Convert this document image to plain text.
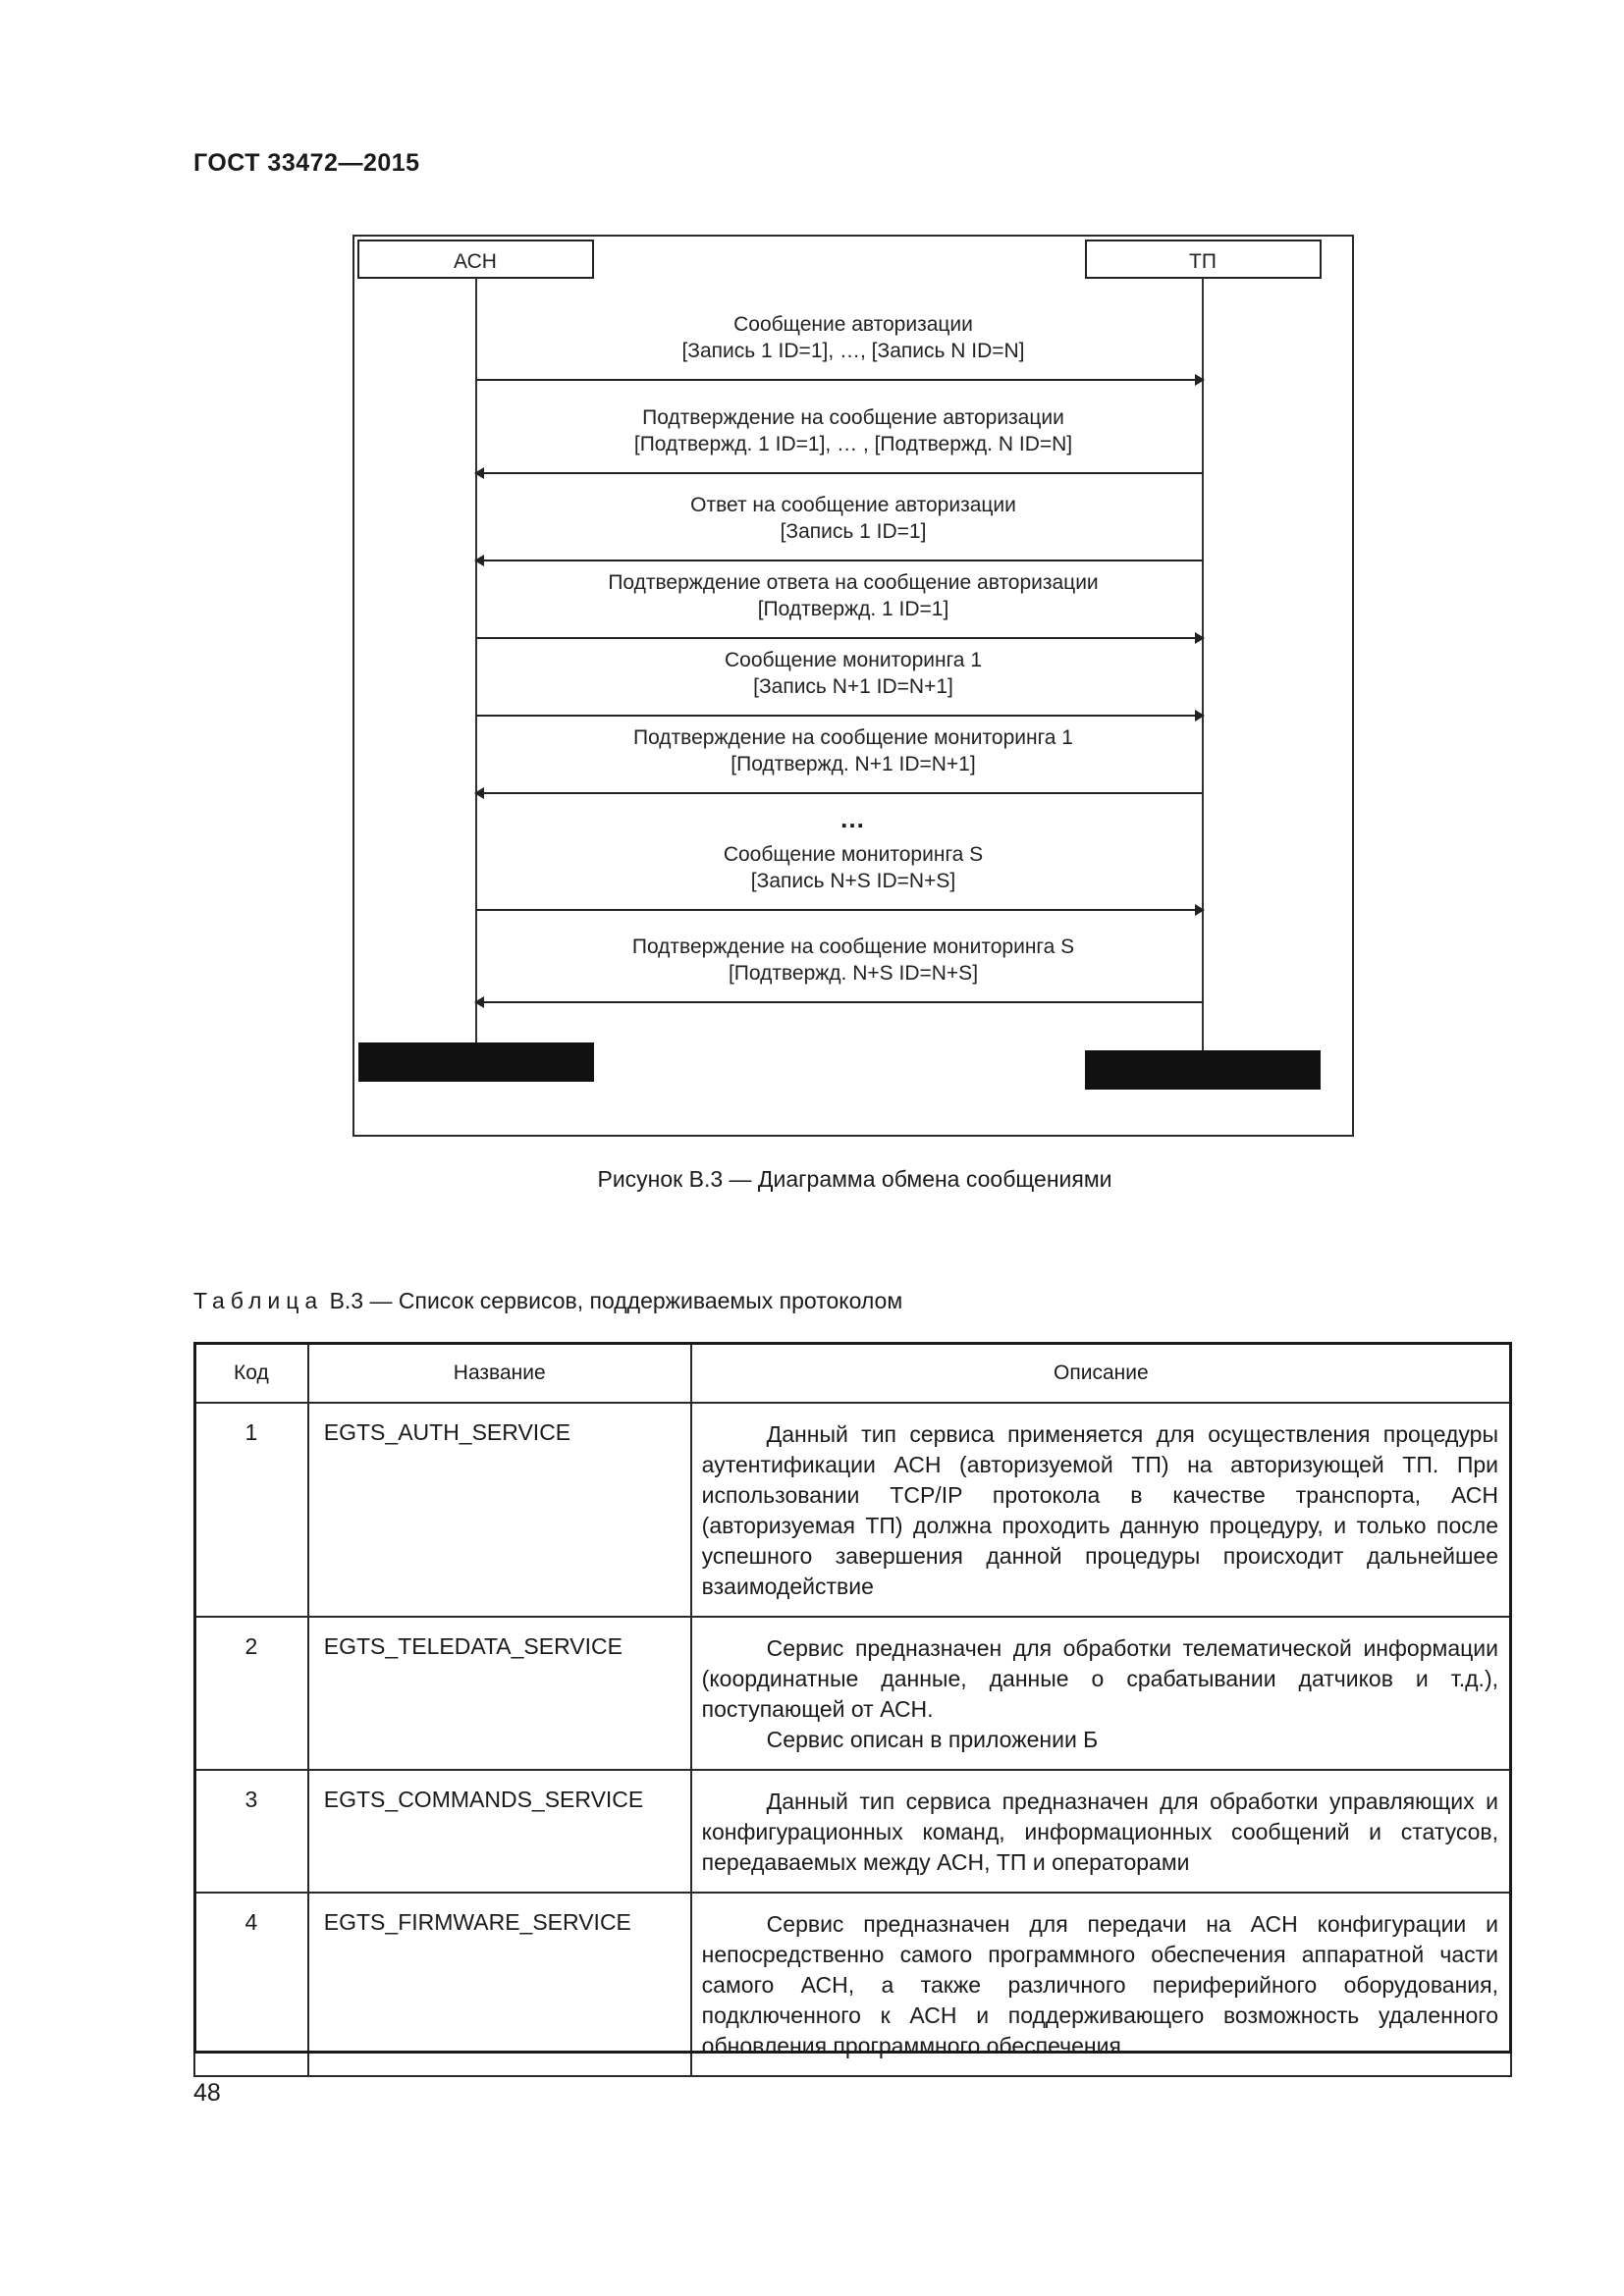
ГОСТ 33472—2015
АСН	ТП
Сообщение авторизации
[Запись 1 ID=1], …, [Запись N ID=N]
Подтверждение на сообщение авторизации
[Подтвержд. 1 ID=1], … , [Подтвержд. N ID=N]
Ответ на сообщение авторизации
[Запись 1 ID=1]
Подтверждение ответа на сообщение авторизации
[Подтвержд. 1 ID=1]
Сообщение мониторинга 1
[Запись N+1 ID=N+1]
Подтверждение на сообщение мониторинга 1
[Подтвержд. N+1 ID=N+1]
…
Сообщение мониторинга S
[Запись N+S ID=N+S]
Подтверждение на сообщение мониторинга S
[Подтвержд. N+S ID=N+S]
Рисунок В.3 — Диаграмма обмена сообщениями
Таблица В.3 — Список сервисов, поддерживаемых протоколом
Код	Название	Описание
1	EGTS_AUTH_SERVICE	Данный тип сервиса применяется для осуществления процедуры аутентификации АСН (авторизуемой ТП) на авторизующей ТП. При использовании TCP/IP протокола в качестве транспорта, АСН (авторизуемая ТП) должна проходить данную процедуру, и только после успешного завершения данной процедуры происходит дальнейшее взаимодействие
2	EGTS_TELEDATA_SERVICE	Сервис предназначен для обработки телематической информации (координатные данные, данные о срабатывании датчиков и т.д.), поступающей от АСН.
Сервис описан в приложении Б

3	EGTS_COMMANDS_SERVICE	Данный тип сервиса предназначен для обработки управляющих и конфигурационных команд, информационных сообщений и статусов, передаваемых между АСН, ТП и операторами
4	EGTS_FIRMWARE_SERVICE	Сервис предназначен для передачи на АСН конфигурации и непосредственно самого программного обеспечения аппаратной части самого АСН, а также различного периферийного оборудования, подключенного к АСН и поддерживающего возможность удаленного обновления программного обеспечения
48
